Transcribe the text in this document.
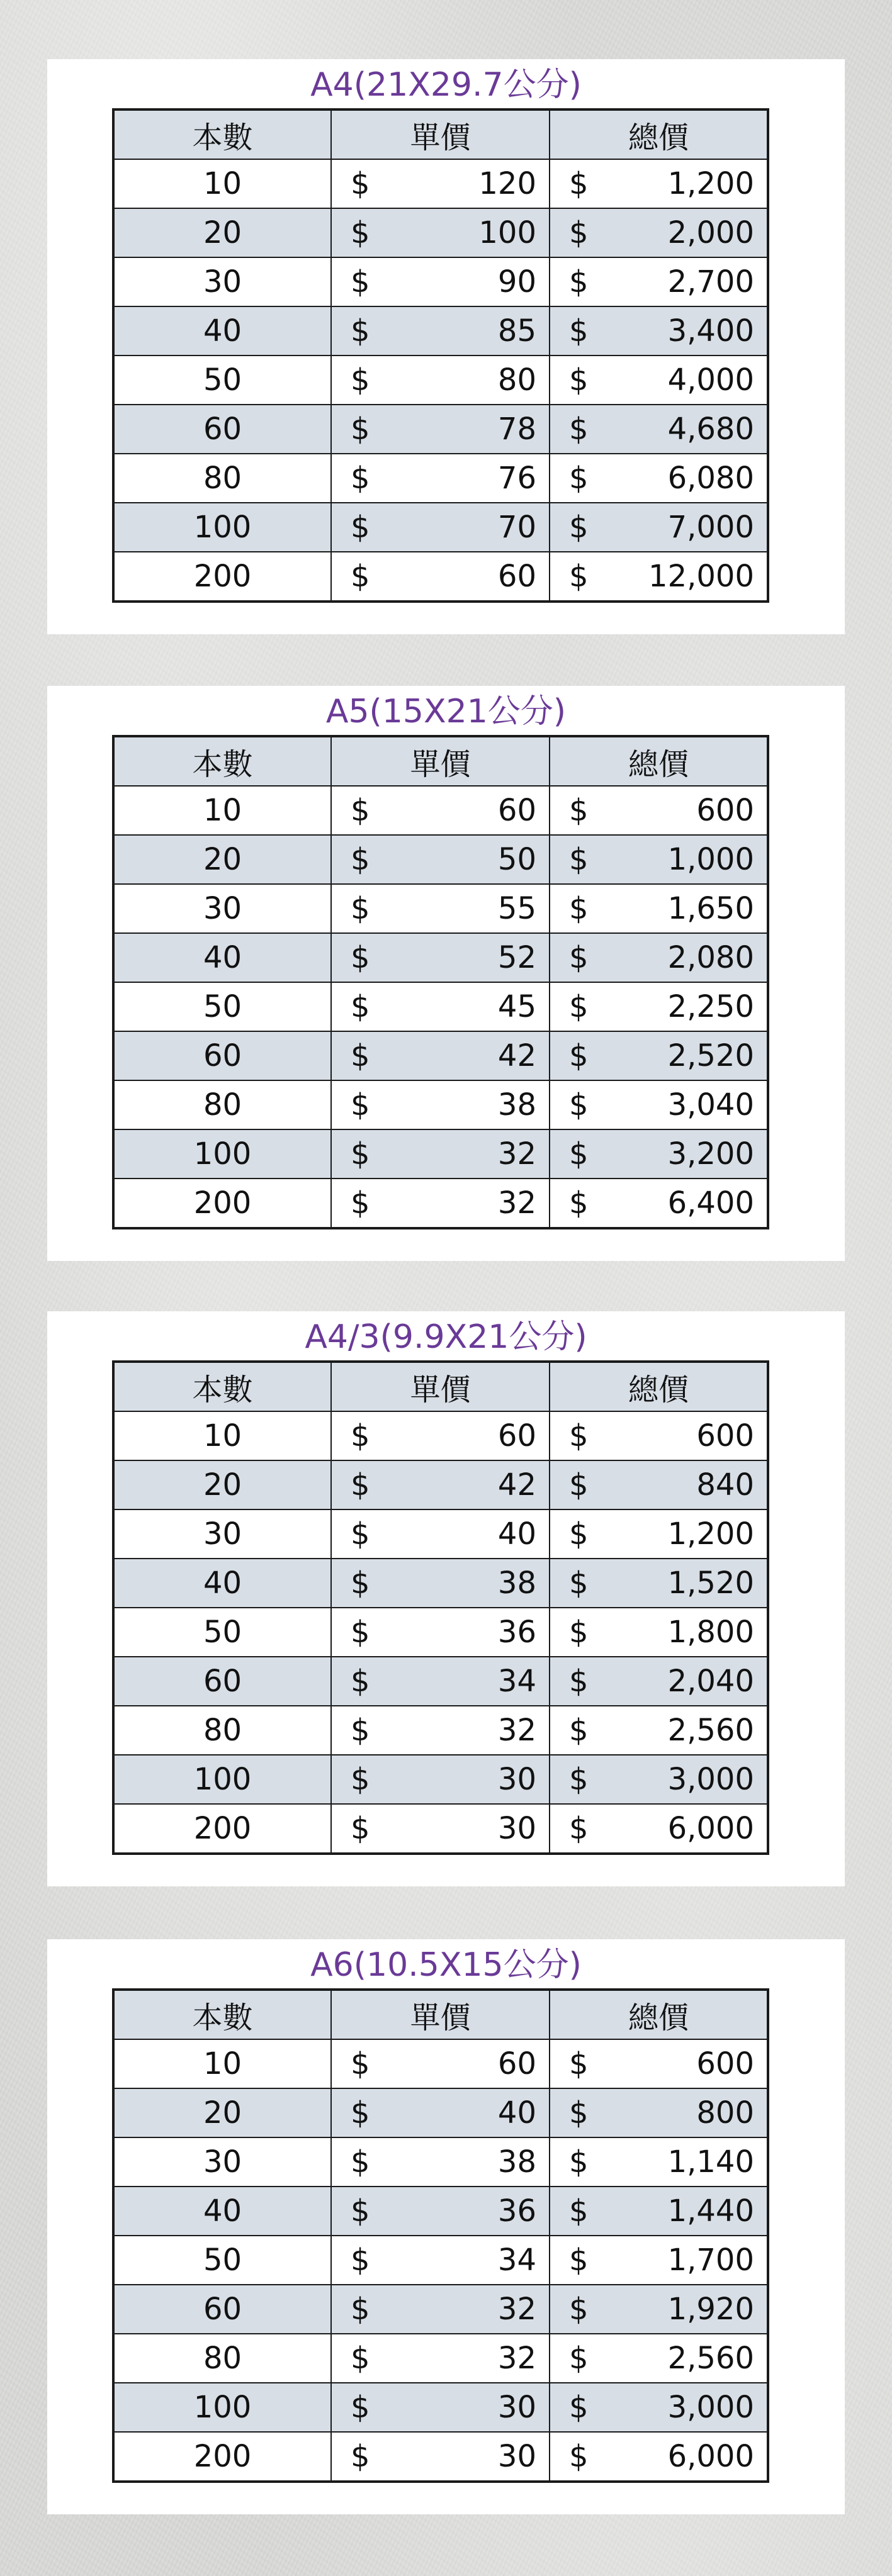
A4(21X29.7公分)
本數	單價	總價
10	$ 120	$ 1,200

20	$ 100	$ 2,000

30	$ 90	$ 2,700

40	$ 85	$ 3,400

50	$ 80	$ 4,000

60	$ 78	$ 4,680

80	$ 76	$ 6,080

100	$ 70	$ 7,000

200	$ 60	$ 12,000
A5(15X21公分)
本數	單價	總價
10	$ 60	$ 600

20	$ 50	$ 1,000

30	$ 55	$ 1,650

40	$ 52	$ 2,080

50	$ 45	$ 2,250

60	$ 42	$ 2,520

80	$ 38	$ 3,040

100	$ 32	$ 3,200

200	$ 32	$ 6,400
A4/3(9.9X21公分)
本數	單價	總價
10	$ 60	$ 600

20	$ 42	$ 840

30	$ 40	$ 1,200

40	$ 38	$ 1,520

50	$ 36	$ 1,800

60	$ 34	$ 2,040

80	$ 32	$ 2,560

100	$ 30	$ 3,000

200	$ 30	$ 6,000
A6(10.5X15公分)
本數	單價	總價
10	$ 60	$ 600

20	$ 40	$ 800

30	$ 38	$ 1,140

40	$ 36	$ 1,440

50	$ 34	$ 1,700

60	$ 32	$ 1,920

80	$ 32	$ 2,560

100	$ 30	$ 3,000

200	$ 30	$ 6,000
